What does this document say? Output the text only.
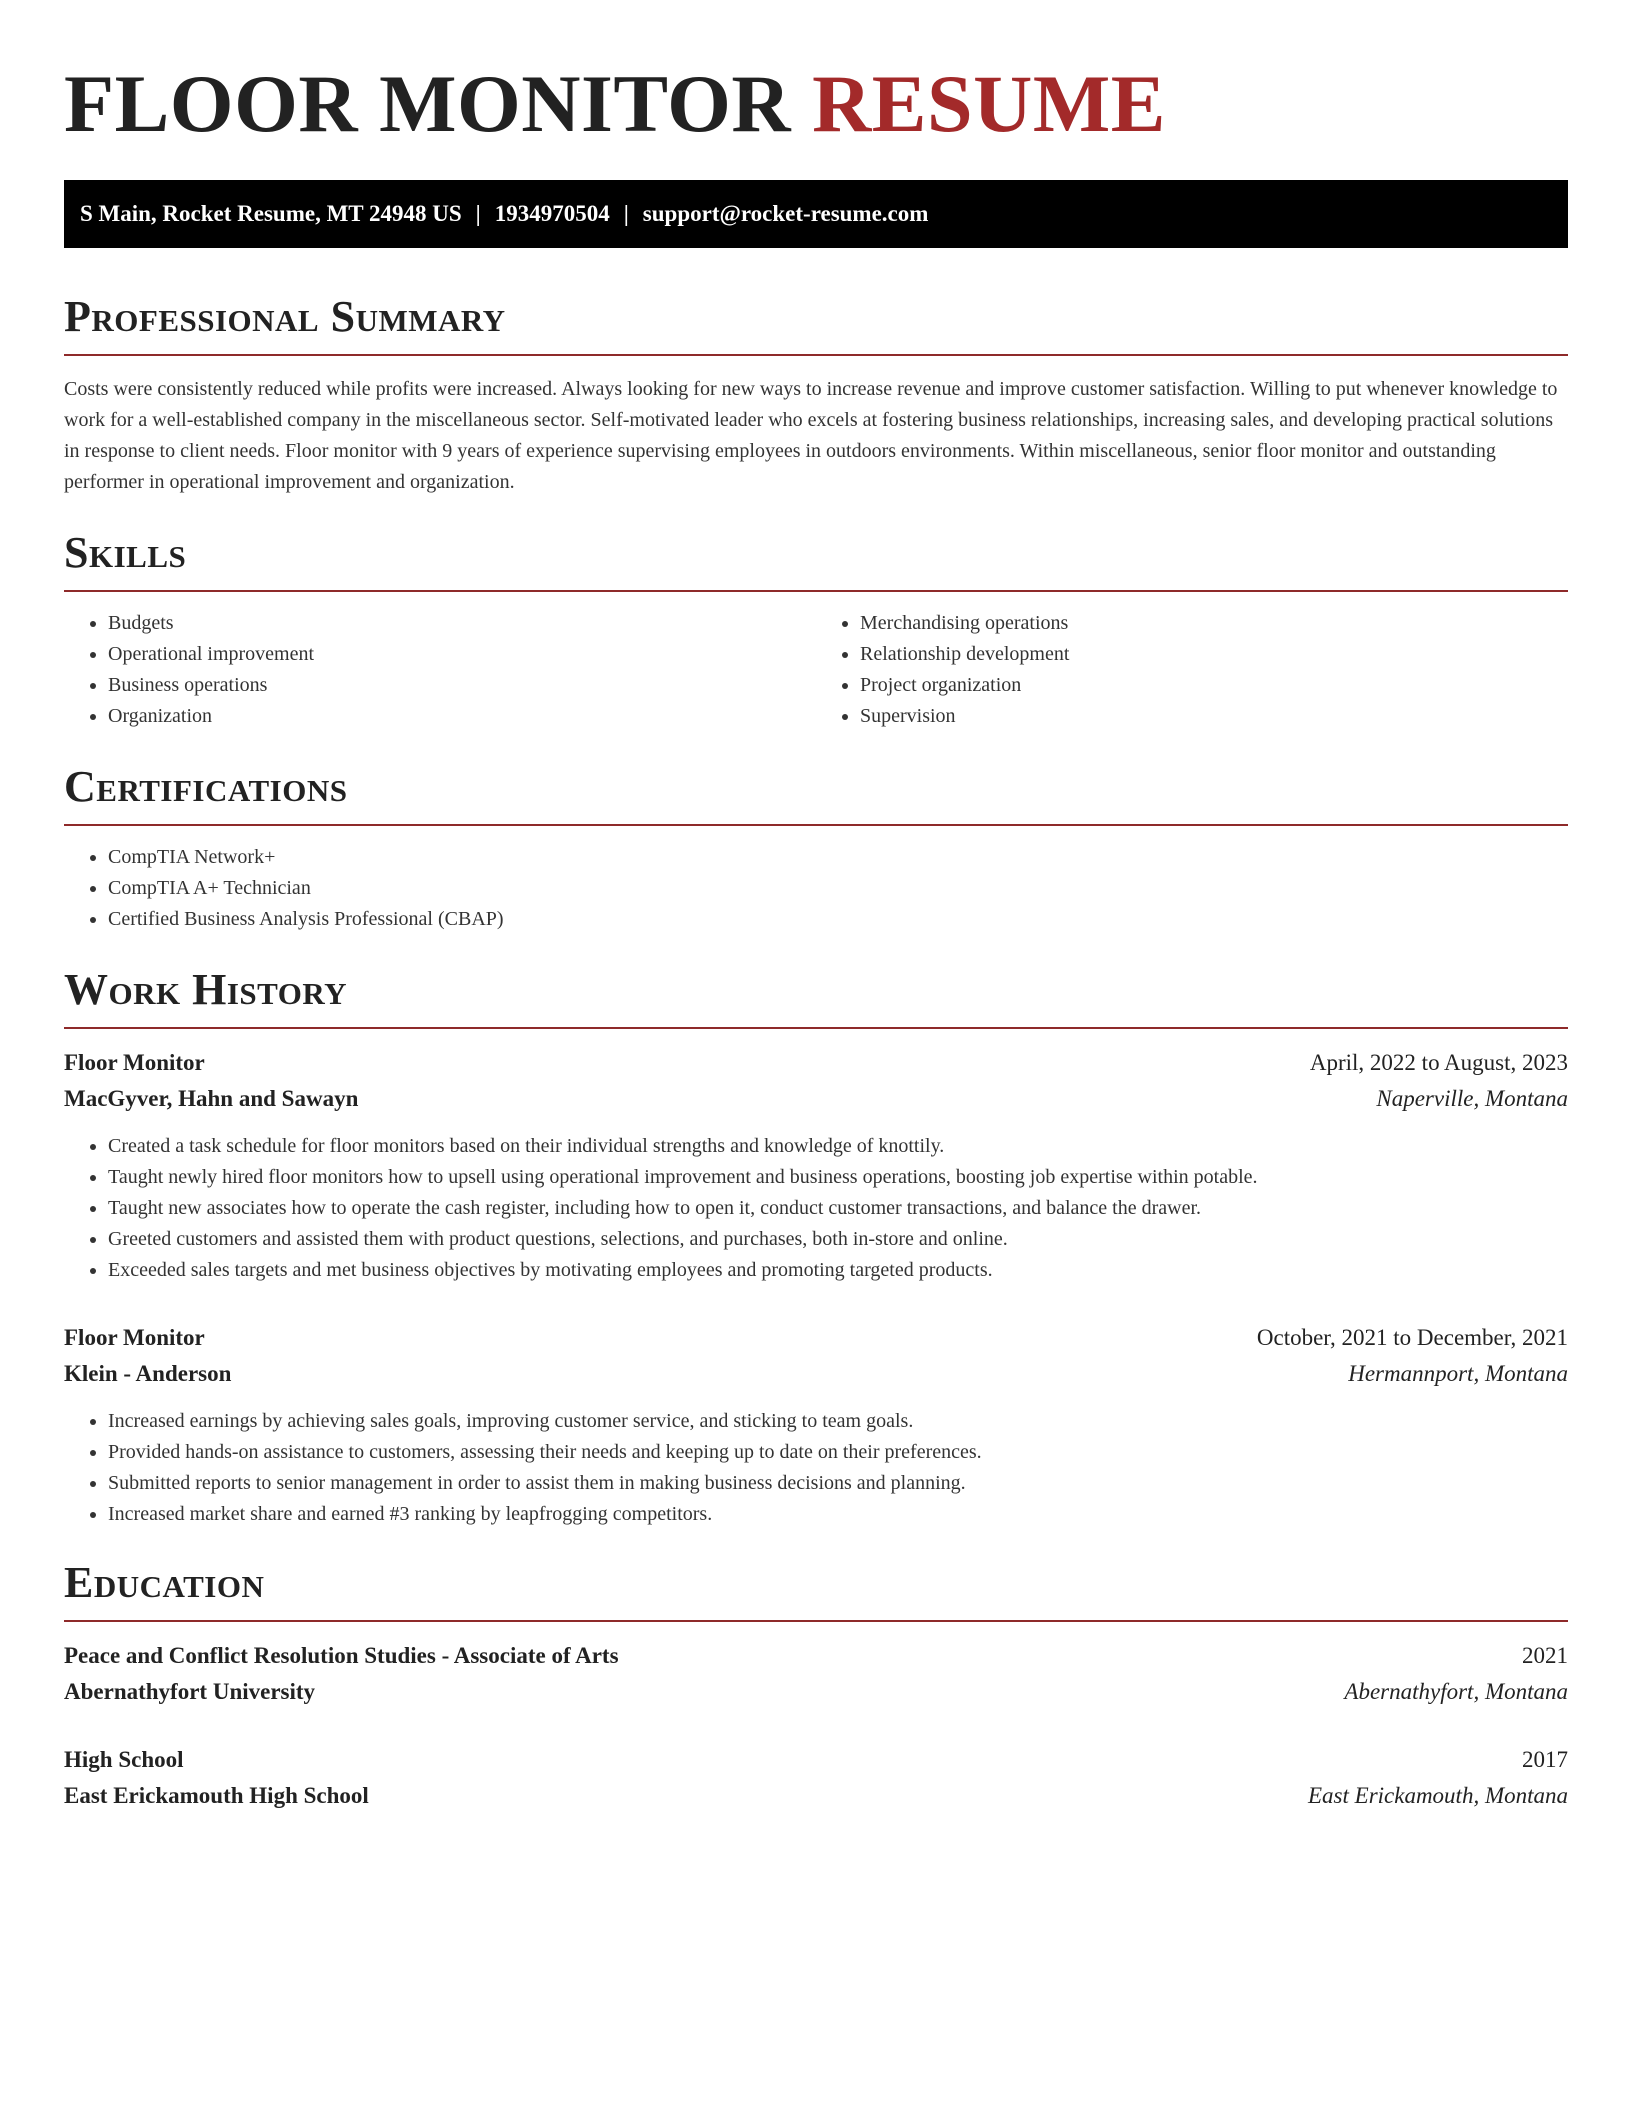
FLOOR MONITOR RESUME
S Main, Rocket Resume, MT 24948 US | 1934970504 | support@rocket-resume.com
Professional Summary

Costs were consistently reduced while profits were increased. Always looking for new ways to increase revenue and improve customer satisfaction. Willing to put whenever knowledge to work for a well-established company in the miscellaneous sector. Self-motivated leader who excels at fostering business relationships, increasing sales, and developing practical solutions in response to client needs. Floor monitor with 9 years of experience supervising employees in outdoors environments. Within miscellaneous, senior floor monitor and outstanding performer in operational improvement and organization.

Skills
• Budgets
• Operational improvement
• Business operations
• Organization
• Merchandising operations
• Relationship development
• Project organization
• Supervision
Certifications
• CompTIA Network+
• CompTIA A+ Technician
• Certified Business Analysis Professional (CBAP)
Work History
Floor Monitor	April, 2022 to August, 2023
MacGyver, Hahn and Sawayn	Naperville, Montana
• Created a task schedule for floor monitors based on their individual strengths and knowledge of knottily.
• Taught newly hired floor monitors how to upsell using operational improvement and business operations, boosting job expertise within potable.
• Taught new associates how to operate the cash register, including how to open it, conduct customer transactions, and balance the drawer.
• Greeted customers and assisted them with product questions, selections, and purchases, both in-store and online.
• Exceeded sales targets and met business objectives by motivating employees and promoting targeted products.
Floor Monitor	October, 2021 to December, 2021
Klein - Anderson	Hermannport, Montana
• Increased earnings by achieving sales goals, improving customer service, and sticking to team goals.
• Provided hands-on assistance to customers, assessing their needs and keeping up to date on their preferences.
• Submitted reports to senior management in order to assist them in making business decisions and planning.
• Increased market share and earned #3 ranking by leapfrogging competitors.
Education
Peace and Conflict Resolution Studies - Associate of Arts	2021
Abernathyfort University	Abernathyfort, Montana
High School	2017
East Erickamouth High School	East Erickamouth, Montana
